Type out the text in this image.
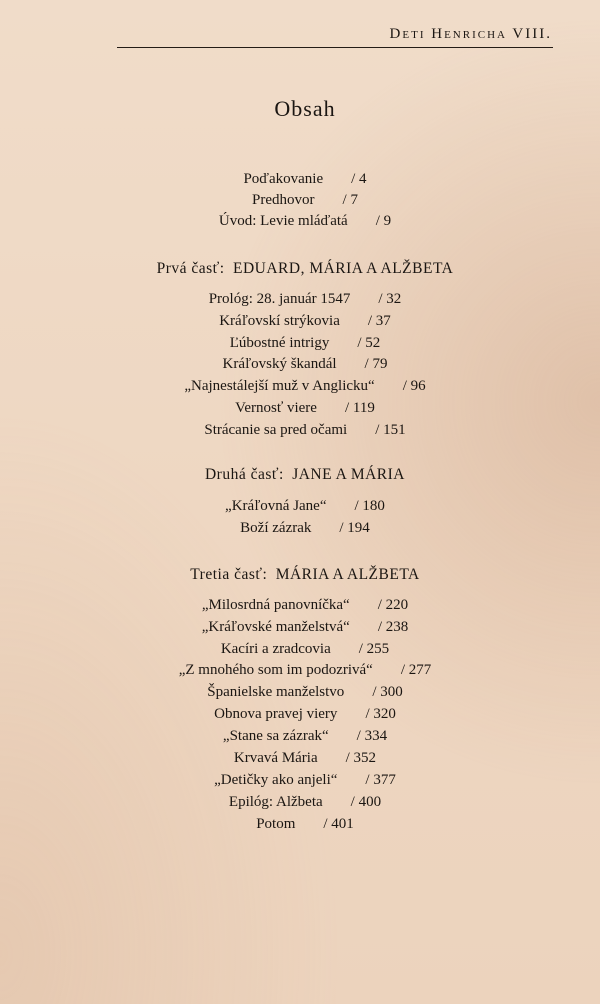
Deti Henricha VIII.
Obsah
Poďakovanie / 4
Predhovor / 7
Úvod: Levie mláďatá / 9
Prvá časť: EDUARD, MÁRIA A ALŽBETA
Prológ: 28. január 1547 / 32
Kráľovskí strýkovia / 37
Ľúbostné intrigy / 52
Kráľovský škandál / 79
„Najnestálejší muž v Anglicku“ / 96
Vernosť viere / 119
Strácanie sa pred očami / 151
Druhá časť: JANE A MÁRIA
„Kráľovná Jane“ / 180
Boží zázrak / 194
Tretia časť: MÁRIA A ALŽBETA
„Milosrdná panovníčka“ / 220
„Kráľovské manželstvá“ / 238
Kacíri a zradcovia / 255
„Z mnohého som im podozrivá“ / 277
Španielske manželstvo / 300
Obnova pravej viery / 320
„Stane sa zázrak“ / 334
Krvavá Mária / 352
„Detičky ako anjeli“ / 377
Epilóg: Alžbeta / 400
Potom / 401
